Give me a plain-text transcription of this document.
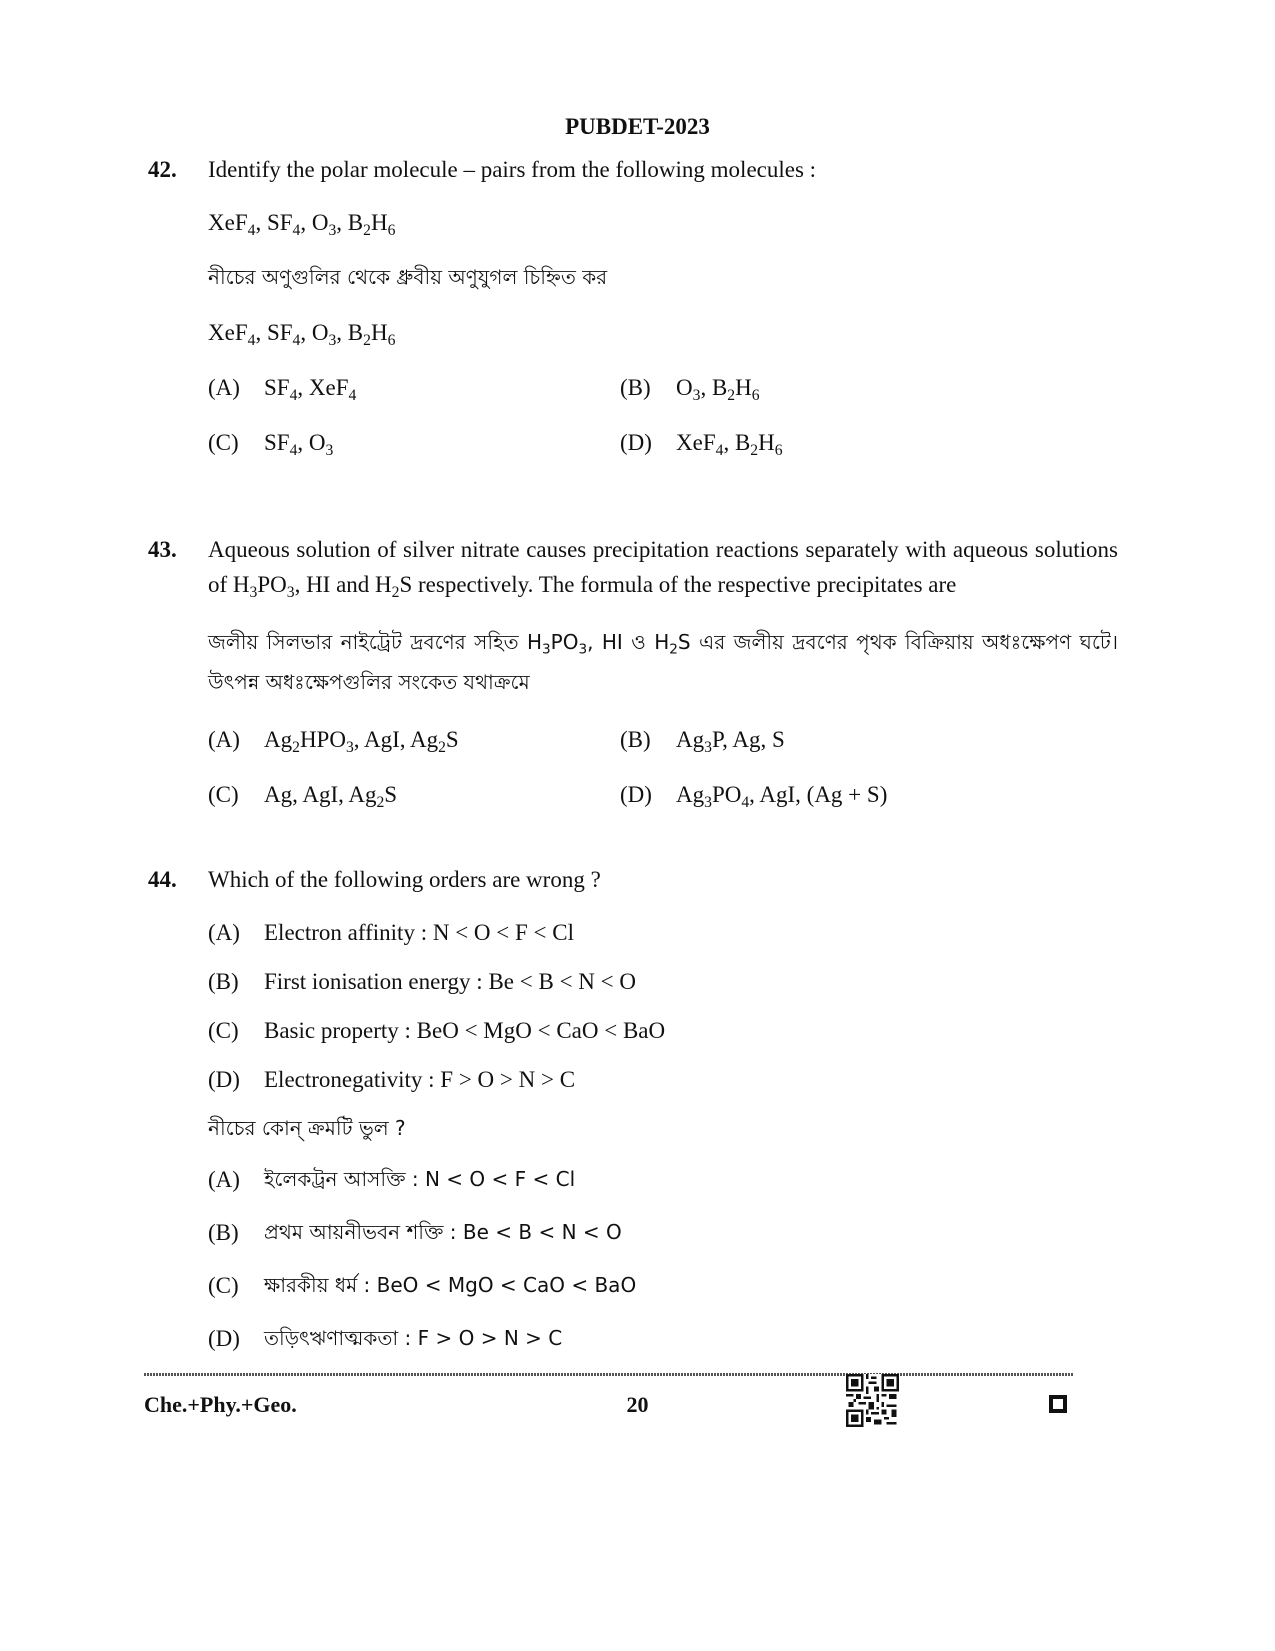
PUBDET-2023
42. Identify the polar molecule – pairs from the following molecules :

XeF$_4$, $SF_4$, $O_3$, $B_2H_6$

নীচের অণুগুলির থেকে ধ্রুবীয় অণুযুগল চিহ্নিত কর

XeF$_4$, $SF_4$, $O_3$, $B_2H_6$

(A)	$SF_4$, XeF$_4$	(B)	$O_3$, $B_2H_6$
(C)	$SF_4$, $O_3$	(D)	XeF$_4$, $B_2H_6$
43. Aqueous solution of silver nitrate causes precipitation reactions separately with aqueous solutions of $H_3PO_3$, HI and $H_2S$ respectively. The formula of the respective precipitates are

জলীয় সিলভার নাইট্রেট দ্রবণের সহিত $H_3PO_3$, HI ও $H_2S$ এর জলীয় দ্রবণের পৃথক বিক্রিয়ায় অধঃক্ষেপণ ঘটে। উৎপন্ন অধঃক্ষেপগুলির সংকেত যথাক্রমে

(A)	$Ag_2HPO_3$, AgI, $Ag_2S$	(B)	$Ag_3P$, Ag, S
(C)	Ag, AgI, $Ag_2S$	(D)	$Ag_3PO_4$, AgI, (Ag + S)
44. Which of the following orders are wrong ?

(A)	Electron affinity : N < O < F < Cl
(B)	First ionisation energy : Be < B < N < O
(C)	Basic property : BeO < MgO < CaO < BaO
(D)	Electronegativity : F > O > N > C

নীচের কোন্ ক্রমটি ভুল ?

(A)	ইলেকট্রন আসক্তি : N < O < F < Cl
(B)	প্রথম আয়নীভবন শক্তি : Be < B < N < O
(C)	ক্ষারকীয় ধর্ম : BeO < MgO < CaO < BaO
(D)	তড়িৎঋণাত্মকতা : F > O > N > C
Che.+Phy.+Geo.	20
